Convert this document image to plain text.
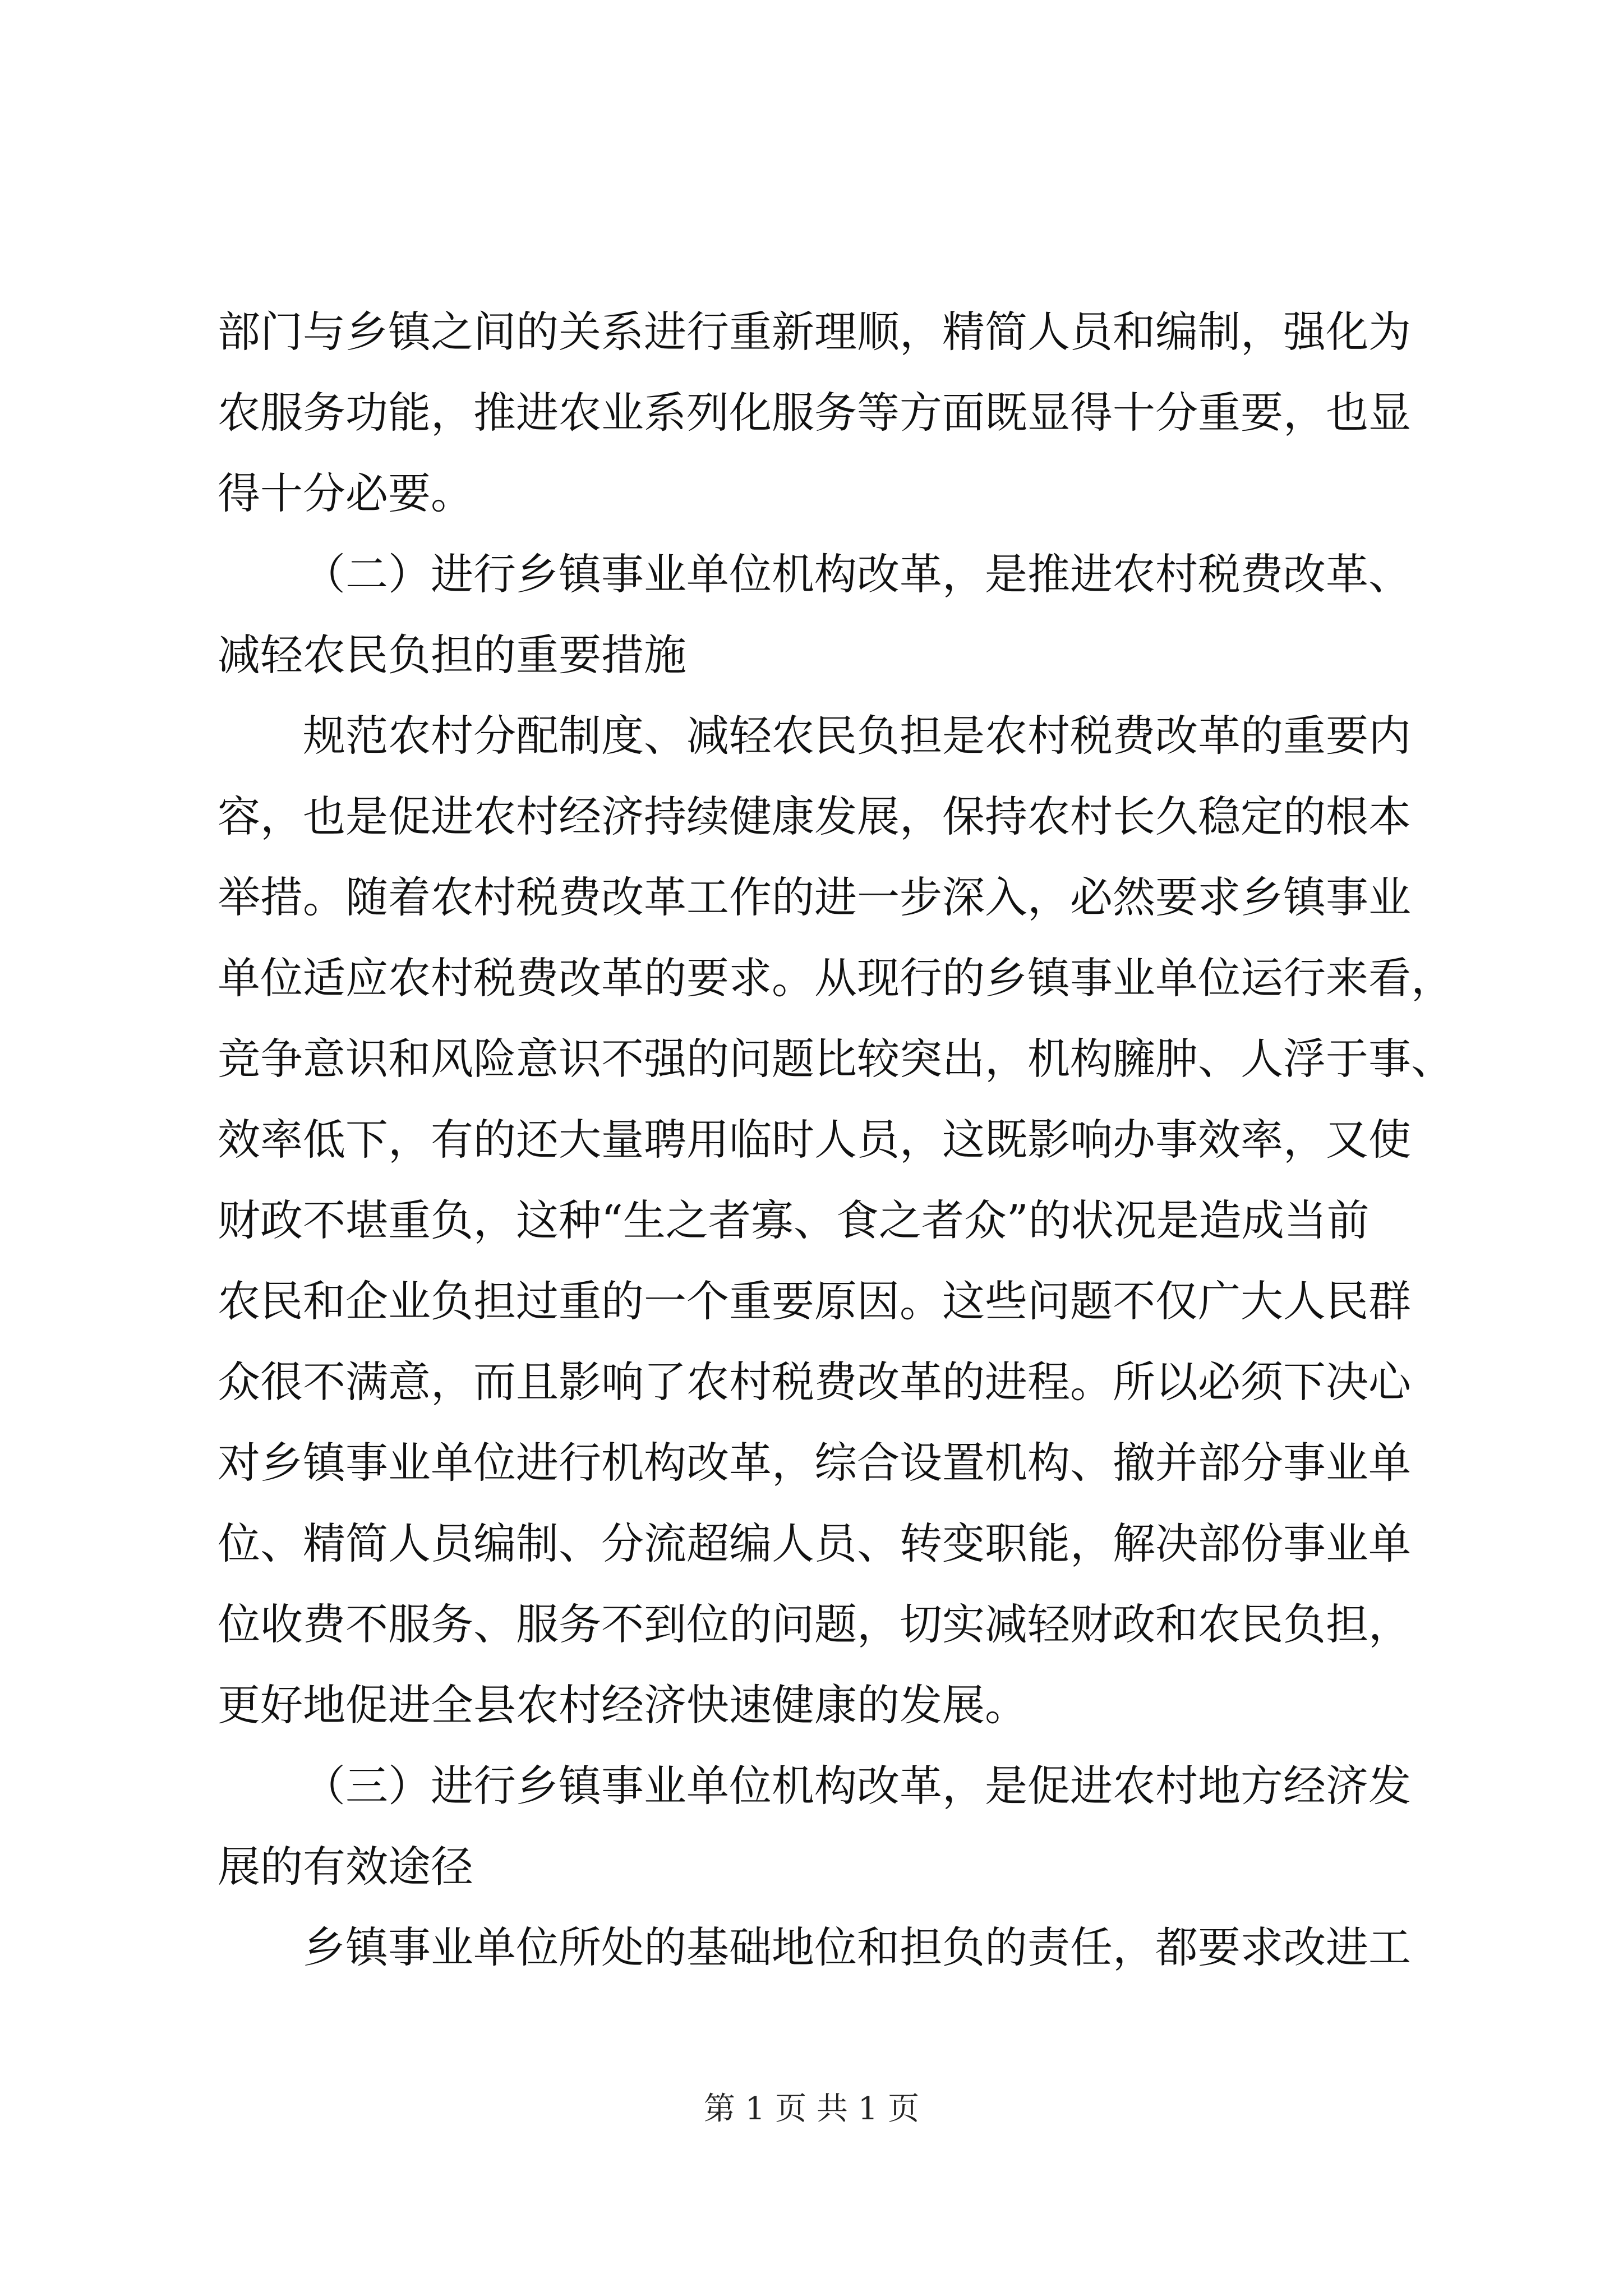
部门与乡镇之间的关系进行重新理顺，精简人员和编制，强化为
农服务功能，推进农业系列化服务等方面既显得十分重要，也显
得十分必要。
（二）进行乡镇事业单位机构改革，是推进农村税费改革、
减轻农民负担的重要措施
规范农村分配制度、减轻农民负担是农村税费改革的重要内
容，也是促进农村经济持续健康发展，保持农村长久稳定的根本
举措。随着农村税费改革工作的进一步深入，必然要求乡镇事业
单位适应农村税费改革的要求。从现行的乡镇事业单位运行来看，
竞争意识和风险意识不强的问题比较突出，机构臃肿、人浮于事、
效率低下，有的还大量聘用临时人员，这既影响办事效率，又使
财政不堪重负，这种“生之者寡、食之者众”的状况是造成当前
农民和企业负担过重的一个重要原因。这些问题不仅广大人民群
众很不满意，而且影响了农村税费改革的进程。所以必须下决心
对乡镇事业单位进行机构改革，综合设置机构、撤并部分事业单
位、精简人员编制、分流超编人员、转变职能，解决部份事业单
位收费不服务、服务不到位的问题，切实减轻财政和农民负担，
更好地促进全县农村经济快速健康的发展。
（三）进行乡镇事业单位机构改革，是促进农村地方经济发
展的有效途径
乡镇事业单位所处的基础地位和担负的责任，都要求改进工
第 1 页 共 1 页
